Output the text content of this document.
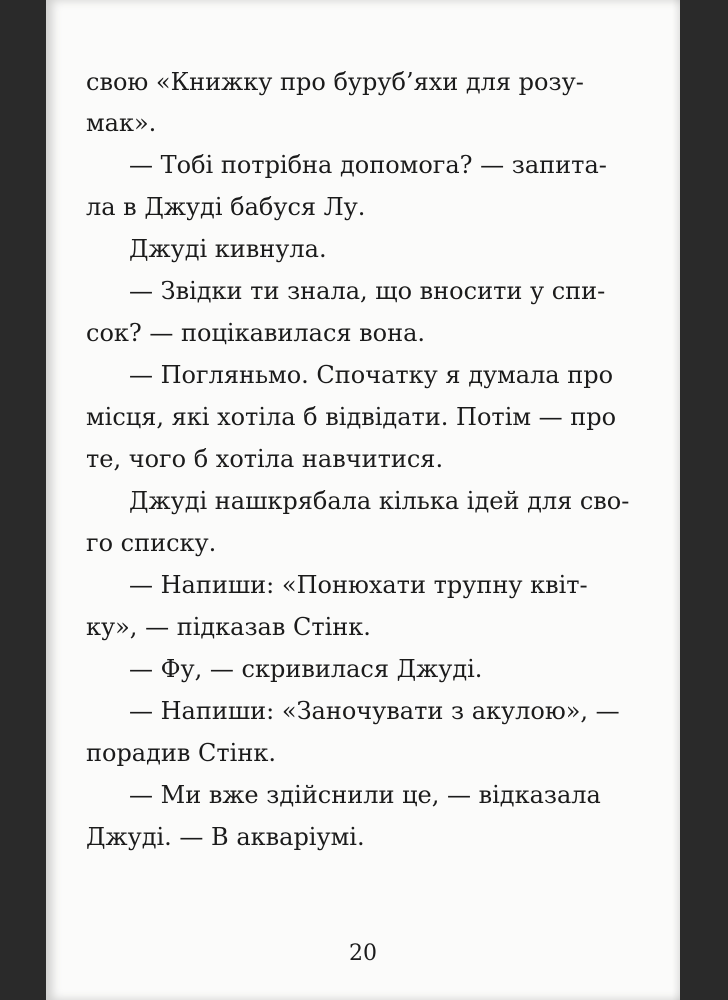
свою «Книжку про буруб’яхи для розу-
мак».
— Тобі потрібна допомога? — запита-
ла в Джуді бабуся Лу.
Джуді кивнула.
— Звідки ти знала, що вносити у спи-
сок? — поцікавилася вона.
— Погляньмо. Спочатку я думала про
місця, які хотіла б відвідати. Потім — про
те, чого б хотіла навчитися.
Джуді нашкрябала кілька ідей для сво-
го списку.
— Напиши: «Понюхати трупну квіт-
ку», — підказав Стінк.
— Фу, — скривилася Джуді.
— Напиши: «Заночувати з акулою», —
порадив Стінк.
— Ми вже здійснили це, — відказала
Джуді. — В акваріумі.
20
